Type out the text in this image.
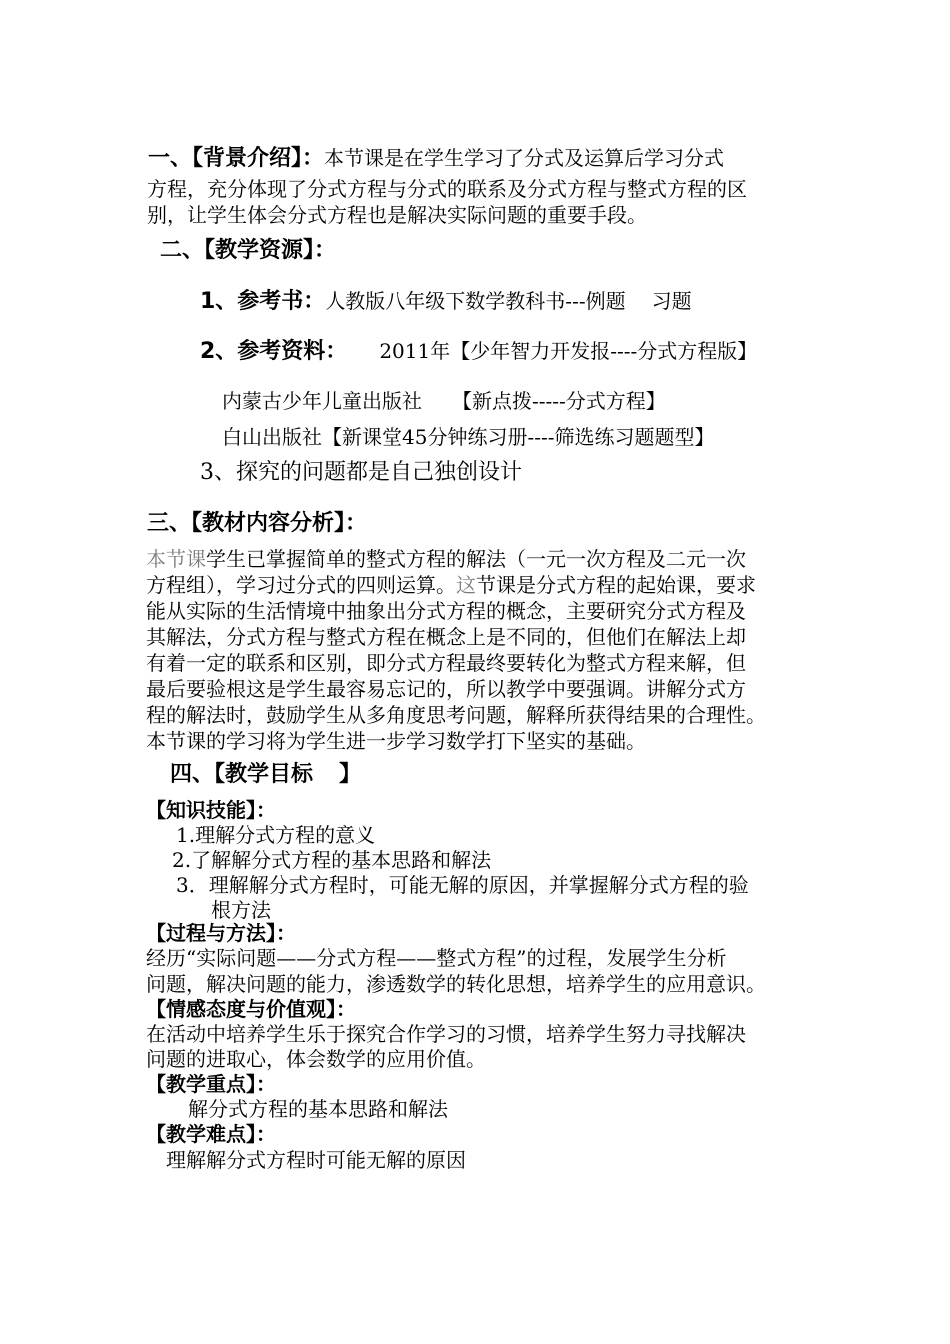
一、【背景介绍】：本节课是在学生学习了分式及运算后学习分式
方程，充分体现了分式方程与分式的联系及分式方程与整式方程的区
别，让学生体会分式方程也是解决实际问题的重要手段。
二、【教学资源】：
1、参考书：人教版八年级下数学教科书---例题 习题
2、参考资料： 2011年【少年智力开发报----分式方程版】
内蒙古少年儿童出版社 【新点拨-----分式方程】
白山出版社【新课堂45分钟练习册----筛选练习题题型】
3、探究的问题都是自己独创设计
三、【教材内容分析】：
本节课学生已掌握简单的整式方程的解法（一元一次方程及二元一次
方程组），学习过分式的四则运算。这节课是分式方程的起始课，要求
能从实际的生活情境中抽象出分式方程的概念，主要研究分式方程及
其解法，分式方程与整式方程在概念上是不同的，但他们在解法上却
有着一定的联系和区别，即分式方程最终要转化为整式方程来解，但
最后要验根这是学生最容易忘记的，所以教学中要强调。讲解分式方
程的解法时，鼓励学生从多角度思考问题，解释所获得结果的合理性。
本节课的学习将为学生进一步学习数学打下坚实的基础。
四、【教学目标 】
【知识技能】：
1.理解分式方程的意义
2.了解解分式方程的基本思路和解法
3．理解解分式方程时，可能无解的原因，并掌握解分式方程的验
根方法
【过程与方法】：
经历“实际问题——分式方程——整式方程”的过程，发展学生分析
问题，解决问题的能力，渗透数学的转化思想，培养学生的应用意识。
【情感态度与价值观】：
在活动中培养学生乐于探究合作学习的习惯，培养学生努力寻找解决
问题的进取心，体会数学的应用价值。
【教学重点】：
解分式方程的基本思路和解法
【教学难点】：
理解解分式方程时可能无解的原因
